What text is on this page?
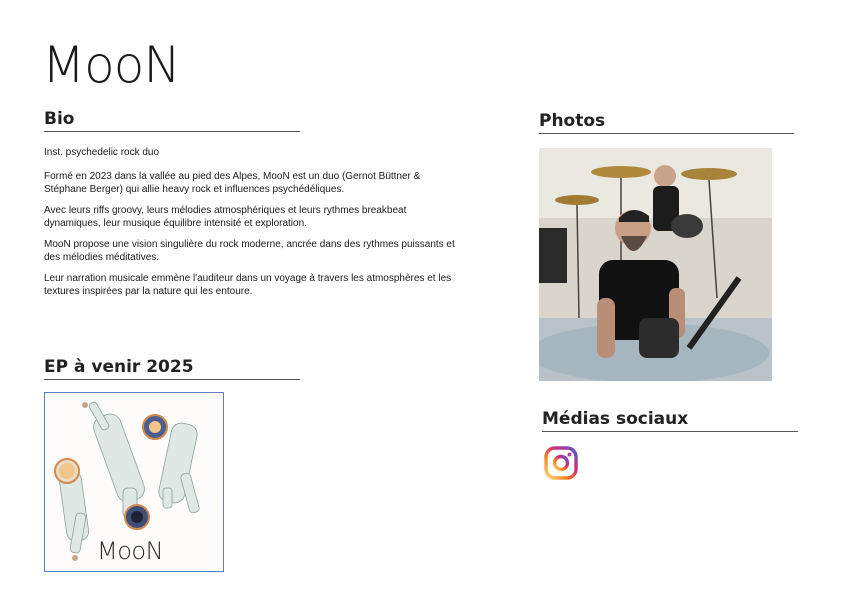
MooN
Bio

Inst. psychedelic rock duo

Formé en 2023 dans la vallée au pied des Alpes, MooN est un duo (Gernot Büttner & Stéphane Berger) qui allie heavy rock et influences psychédéliques.

Avec leurs riffs groovy, leurs mélodies atmosphériques et leurs rythmes breakbeat dynamiques, leur musique équilibre intensité et exploration.

MooN propose une vision singulière du rock moderne, ancrée dans des rythmes puissants et des mélodies méditatives.

Leur narration musicale emmène l'auditeur dans un voyage à travers les atmosphères et les textures inspirées par la nature qui les entoure.

EP à venir 2025
MooN
Photos
Médias sociaux
